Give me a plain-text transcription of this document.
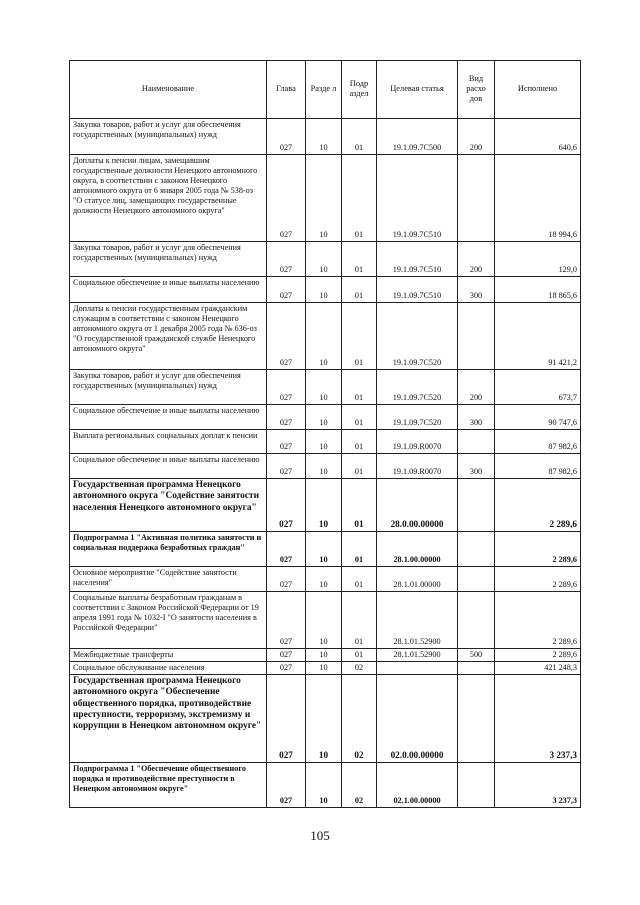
Наименование	Глава	Разде л	Подр аздел	Целевая статья	Вид расхо дов	Исполнено
Закупка товаров, работ и услуг для обеспечения государственных (муниципальных) нужд	027	10	01	19.1.09.7С500	200	640,6
Доплаты к пенсии лицам, замещавшим государственные должности Ненецкого автономного округа, в соответствии с законом Ненецкого автономного округа от 6 января 2005 года № 538-оз "О статусе лиц, замещающих государственные должности Ненецкого автономного округа"	027	10	01	19.1.09.7С510		18 994,6
Закупка товаров, работ и услуг для обеспечения государственных (муниципальных) нужд	027	10	01	19.1.09.7С510	200	129,0
Социальное обеспечение и иные выплаты населению	027	10	01	19.1.09.7С510	300	18 865,6
Доплаты к пенсии государственным гражданским служащим в соответствии с законом Ненецкого автономного округа от 1 декабря 2005 года № 636-оз "О государственной гражданской службе Ненецкого автономного округа"	027	10	01	19.1.09.7С520		91 421,2
Закупка товаров, работ и услуг для обеспечения государственных (муниципальных) нужд	027	10	01	19.1.09.7С520	200	673,7
Социальное обеспечение и иные выплаты населению	027	10	01	19.1.09.7С520	300	90 747,6
Выплата региональных социальных доплат к пенсии	027	10	01	19.1.09.R0070		87 982,6
Социальное обеспечение и иные выплаты населению	027	10	01	19.1.09.R0070	300	87 982,6
Государственная программа Ненецкого автономного округа "Содействие занятости населения Ненецкого автономного округа"	027	10	01	28.0.00.00000		2 289,6
Подпрограмма 1 "Активная политика занятости и социальная поддержка безработных граждан"	027	10	01	28.1.00.00000		2 289,6
Основное мероприятие "Содействие занятости населения"	027	10	01	28.1.01.00000		2 289,6
Социальные выплаты безработным гражданам в соответствии с Законом Российской Федерации от 19 апреля 1991 года № 1032-I "О занятости населения в Российской Федерации"	027	10	01	28.1.01.52900		2 289,6
Межбюджетные трансферты	027	10	01	28.1.01.52900	500	2 289,6
Социальное обслуживание населения	027	10	02			421 248,3
Государственная программа Ненецкого автономного округа "Обеспечение общественного порядка, противодействие преступности, терроризму, экстремизму и коррупции в Ненецком автономном округе"	027	10	02	02.0.00.00000		3 237,3
Подпрограмма 1 "Обеспечение общественного порядка и противодействие преступности в Ненецком автономном округе"	027	10	02	02.1.00.00000		3 237,3
105
